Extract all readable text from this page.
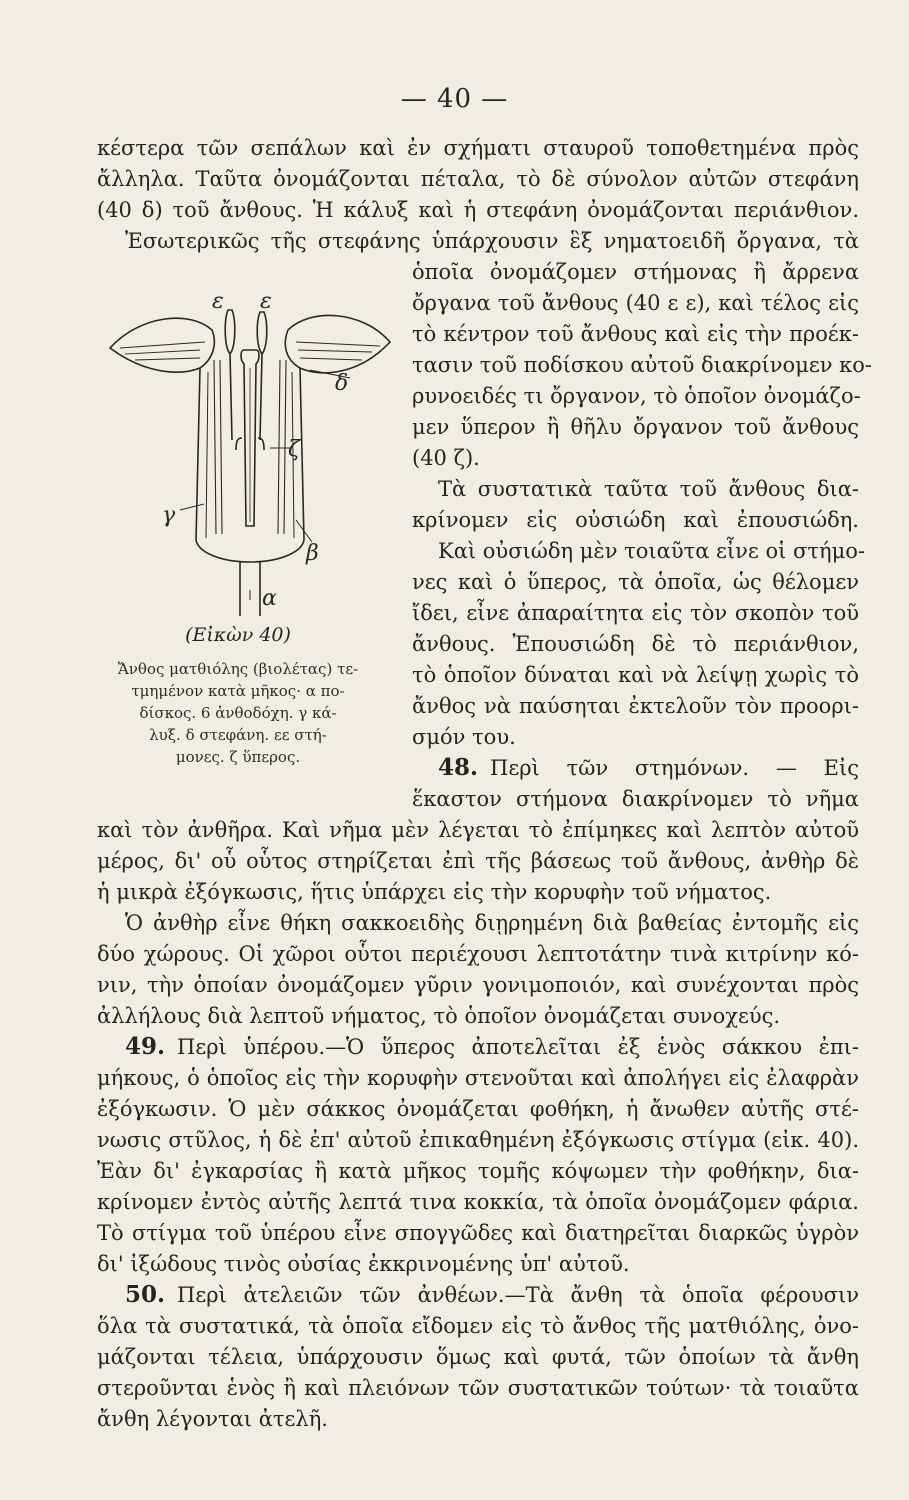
— 40 —
κέστερα τῶν σεπάλων καὶ ἐν σχήματι σταυροῦ τοποθετημένα πρὸς
ἄλληλα. Ταῦτα ὀνομάζονται πέταλα, τὸ δὲ σύνολον αὐτῶν στεφάνη
(40 δ) τοῦ ἄνθους. Ἡ κάλυξ καὶ ἡ στεφάνη ὀνομάζονται περιάνθιον.
Ἐσωτερικῶς τῆς στεφάνης ὑπάρχουσιν ἓξ νηματοειδῆ ὄργανα, τὰ
ὁποῖα ὀνομάζομεν στήμονας ἢ ἄρρενα
ὄργανα τοῦ ἄνθους (40 ε ε), καὶ τέλος εἰς
τὸ κέντρον τοῦ ἄνθους καὶ εἰς τὴν προέκ-
τασιν τοῦ ποδίσκου αὐτοῦ διακρίνομεν κο-
ρυνοειδές τι ὄργανον, τὸ ὁποῖον ὀνομάζο-
μεν ὕπερον ἢ θῆλυ ὄργανον τοῦ ἄνθους
(40 ζ).
Τὰ συστατικὰ ταῦτα τοῦ ἄνθους δια-
κρίνομεν εἰς οὐσιώδη καὶ ἐπουσιώδη.
Καὶ οὐσιώδη μὲν τοιαῦτα εἶνε οἱ στήμο-
νες καὶ ὁ ὕπερος, τὰ ὁποῖα, ὡς θέλομεν
ἴδει, εἶνε ἀπαραίτητα εἰς τὸν σκοπὸν τοῦ
ἄνθους. Ἐπουσιώδη δὲ τὸ περιάνθιον,
τὸ ὁποῖον δύναται καὶ νὰ λείψῃ χωρὶς τὸ
ἄνθος νὰ παύσηται ἐκτελοῦν τὸν προορι-
σμόν του.
48. Περὶ τῶν στημόνων. — Εἰς
ἕκαστον στήμονα διακρίνομεν τὸ νῆμα
καὶ τὸν ἀνθῆρα. Καὶ νῆμα μὲν λέγεται τὸ ἐπίμηκες καὶ λεπτὸν αὐτοῦ
μέρος, δι' οὗ οὗτος στηρίζεται ἐπὶ τῆς βάσεως τοῦ ἄνθους, ἀνθὴρ δὲ
ἡ μικρὰ ἐξόγκωσις, ἥτις ὑπάρχει εἰς τὴν κορυφὴν τοῦ νήματος.
Ὁ ἀνθὴρ εἶνε θήκη σακκοειδὴς διῃρημένη διὰ βαθείας ἐντομῆς εἰς
δύο χώρους. Οἱ χῶροι οὗτοι περιέχουσι λεπτοτάτην τινὰ κιτρίνην κό-
νιν, τὴν ὁποίαν ὀνομάζομεν γῦριν γονιμοποιόν, καὶ συνέχονται πρὸς
ἀλλήλους διὰ λεπτοῦ νήματος, τὸ ὁποῖον ὀνομάζεται συνοχεύς.
49. Περὶ ὑπέρου.—Ὁ ὕπερος ἀποτελεῖται ἐξ ἑνὸς σάκκου ἐπι-
μήκους, ὁ ὁποῖος εἰς τὴν κορυφὴν στενοῦται καὶ ἀπολήγει εἰς ἐλαφρὰν
ἐξόγκωσιν. Ὁ μὲν σάκκος ὀνομάζεται φοθήκη, ἡ ἄνωθεν αὐτῆς στέ-
νωσις στῦλος, ἡ δὲ ἐπ' αὐτοῦ ἐπικαθημένη ἐξόγκωσις στίγμα (εἰκ. 40).
Ἐὰν δι' ἐγκαρσίας ἢ κατὰ μῆκος τομῆς κόψωμεν τὴν φοθήκην, δια-
κρίνομεν ἐντὸς αὐτῆς λεπτά τινα κοκκία, τὰ ὁποῖα ὀνομάζομεν φάρια.
Τὸ στίγμα τοῦ ὑπέρου εἶνε σπογγῶδες καὶ διατηρεῖται διαρκῶς ὑγρὸν
δι' ἰξώδους τινὸς οὐσίας ἐκκρινομένης ὑπ' αὐτοῦ.
50. Περὶ ἀτελειῶν τῶν ἀνθέων.—Τὰ ἄνθη τὰ ὁποῖα φέρουσιν
ὅλα τὰ συστατικά, τὰ ὁποῖα εἴδομεν εἰς τὸ ἄνθος τῆς ματθιόλης, ὀνο-
μάζονται τέλεια, ὑπάρχουσιν ὅμως καὶ φυτά, τῶν ὁποίων τὰ ἄνθη
στεροῦνται ἑνὸς ἢ καὶ πλειόνων τῶν συστατικῶν τούτων· τὰ τοιαῦτα
ἄνθη λέγονται ἀτελῆ.
ε ε
δ
ζ
γ
β
α
(Εἰκὼν 40)
Ἄνθος ματθιόλης (βιολέτας) τε-
τμημένον κατὰ μῆκος· α πο-
δίσκος. 6 ἀνθοδόχη. γ κά-
λυξ. δ στεφάνη. εε στή-
μονες. ζ ὕπερος.
